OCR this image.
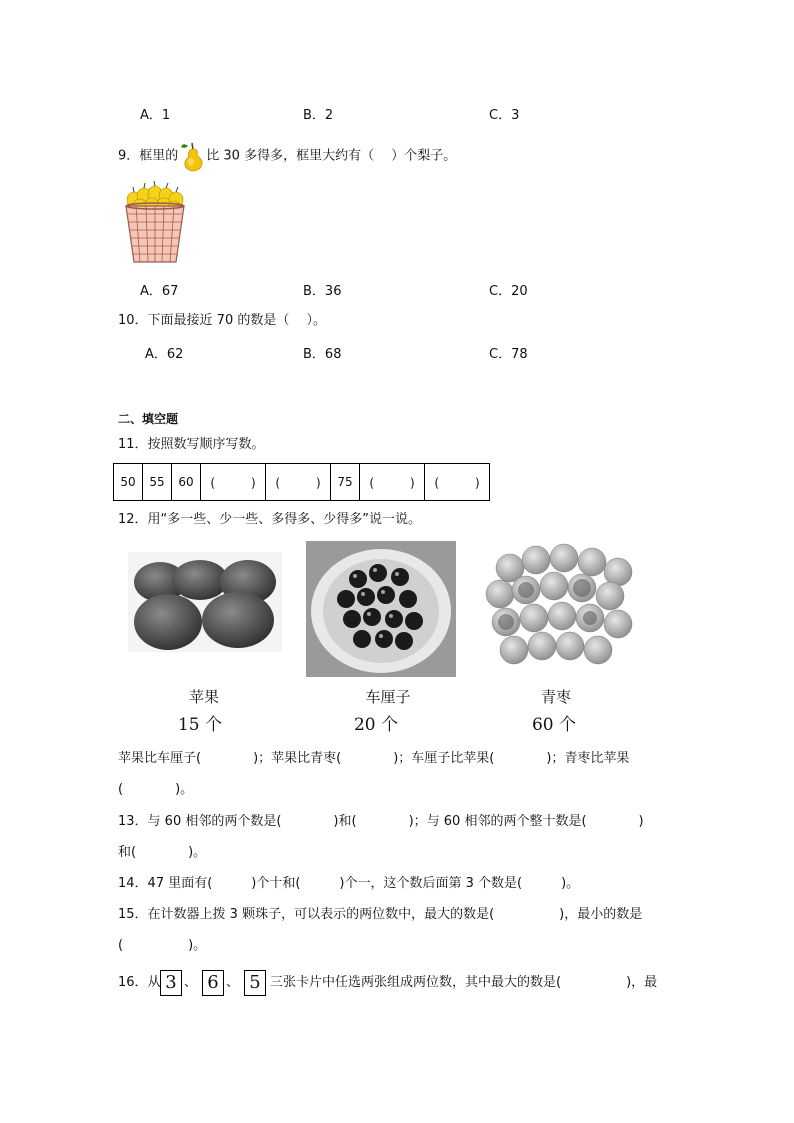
A．1	B．2	C．3
9．框里的 比 30 多得多，框里大约有（　 ）个梨子。
A．67	B．36	C．20
10．下面最接近 70 的数是（　 ）。
A．62	B．68	C．78
二、填空题
11．按照数写顺序写数。
50	55	60	(　　　)	(　　　)	75	(　　　)	(　　　)
12．用“多一些、少一些、多得多、少得多”说一说。
苹果	车厘子	青枣
15 个	20 个	60 个
苹果比车厘子(　　　　)；苹果比青枣(　　　　)；车厘子比苹果(　　　　)；青枣比苹果
(　　　　)。
13．与 60 相邻的两个数是(　　　　)和(　　　　)；与 60 相邻的两个整十数是(　　　　)
和(　　　　)。
14．47 里面有(　　　)个十和(　　　)个一，这个数后面第 3 个数是(　　　)。
15．在计数器上拨 3 颗珠子，可以表示的两位数中，最大的数是(　　　　　)，最小的数是
(　　　　　)。
16．从 3 、 6 、 5 三张卡片中任选两张组成两位数，其中最大的数是(　　　　　)，最
